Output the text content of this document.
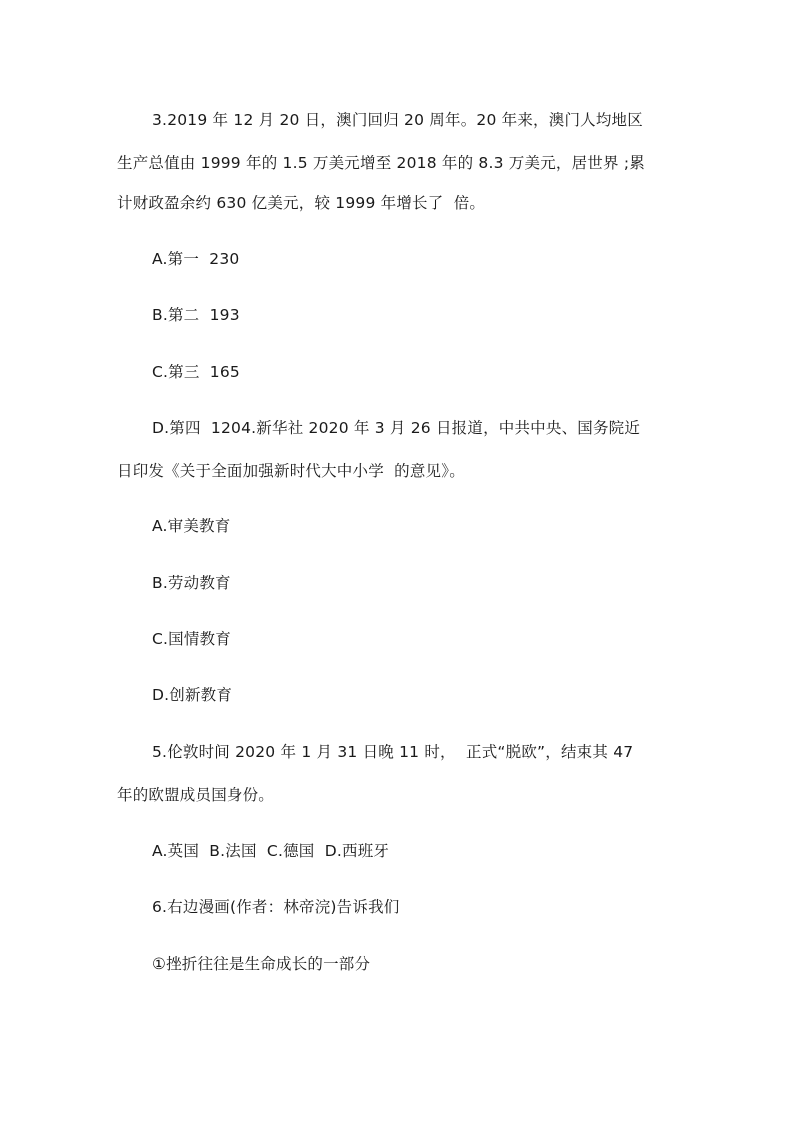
3.2019 年 12 月 20 日，澳门回归 20 周年。20 年来，澳门人均地区
生产总值由 1999 年的 1.5 万美元增至 2018 年的 8.3 万美元，居世界 ;累
计财政盈余约 630 亿美元，较 1999 年增长了  倍。
A.第一  230
B.第二  193
C.第三  165
D.第四  1204.新华社 2020 年 3 月 26 日报道，中共中央、国务院近
日印发《关于全面加强新时代大中小学  的意见》。
A.审美教育
B.劳动教育
C.国情教育
D.创新教育
5.伦敦时间 2020 年 1 月 31 日晚 11 时，  正式“脱欧”，结束其 47
年的欧盟成员国身份。
A.英国  B.法国  C.德国  D.西班牙
6.右边漫画(作者：林帝浣)告诉我们
①挫折往往是生命成长的一部分
